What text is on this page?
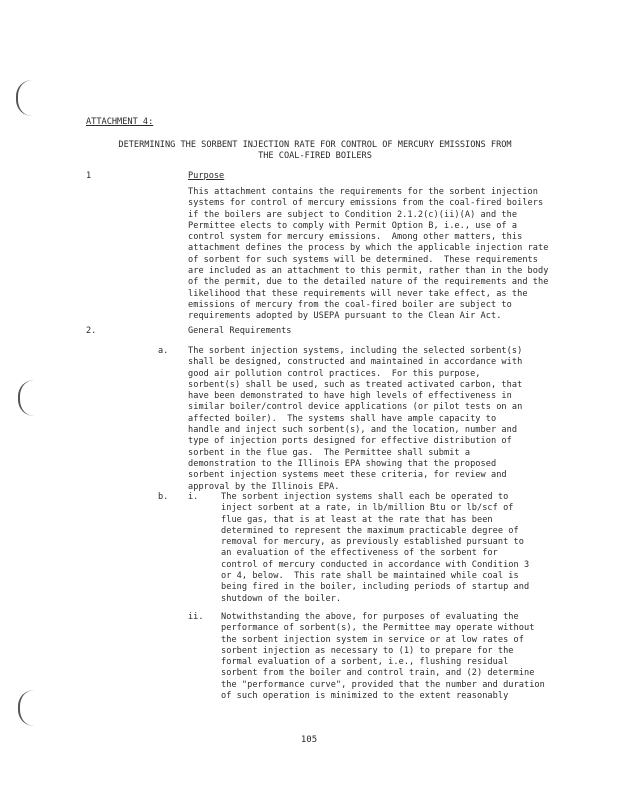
ATTACHMENT 4:
DETERMINING THE SORBENT INJECTION RATE FOR CONTROL OF MERCURY EMISSIONS FROM
THE COAL-FIRED BOILERS
1	Purpose
This attachment contains the requirements for the sorbent injection
systems for control of mercury emissions from the coal-fired boilers
if the boilers are subject to Condition 2.1.2(c)(ii)(A) and the
Permittee elects to comply with Permit Option B, i.e., use of a
control system for mercury emissions.  Among other matters, this
attachment defines the process by which the applicable injection rate
of sorbent for such systems will be determined.  These requirements
are included as an attachment to this permit, rather than in the body
of the permit, due to the detailed nature of the requirements and the
likelihood that these requirements will never take effect, as the
emissions of mercury from the coal-fired boiler are subject to
requirements adopted by USEPA pursuant to the Clean Air Act.
2.	General Requirements
a. The sorbent injection systems, including the selected sorbent(s)
shall be designed, constructed and maintained in accordance with
good air pollution control practices.  For this purpose,
sorbent(s) shall be used, such as treated activated carbon, that
have been demonstrated to have high levels of effectiveness in
similar boiler/control device applications (or pilot tests on an
affected boiler).  The systems shall have ample capacity to
handle and inject such sorbent(s), and the location, number and
type of injection ports designed for effective distribution of
sorbent in the flue gas.  The Permittee shall submit a
demonstration to the Illinois EPA showing that the proposed
sorbent injection systems meet these criteria, for review and
approval by the Illinois EPA.
b. i.	The sorbent injection systems shall each be operated to
inject sorbent at a rate, in lb/million Btu or lb/scf of
flue gas, that is at least at the rate that has been
determined to represent the maximum practicable degree of
removal for mercury, as previously established pursuant to
an evaluation of the effectiveness of the sorbent for
control of mercury conducted in accordance with Condition 3
or 4, below.  This rate shall be maintained while coal is
being fired in the boiler, including periods of startup and
shutdown of the boiler.
ii. Notwithstanding the above, for purposes of evaluating the
performance of sorbent(s), the Permittee may operate without
the sorbent injection system in service or at low rates of
sorbent injection as necessary to (1) to prepare for the
formal evaluation of a sorbent, i.e., flushing residual
sorbent from the boiler and control train, and (2) determine
the "performance curve", provided that the number and duration
of such operation is minimized to the extent reasonably
105
